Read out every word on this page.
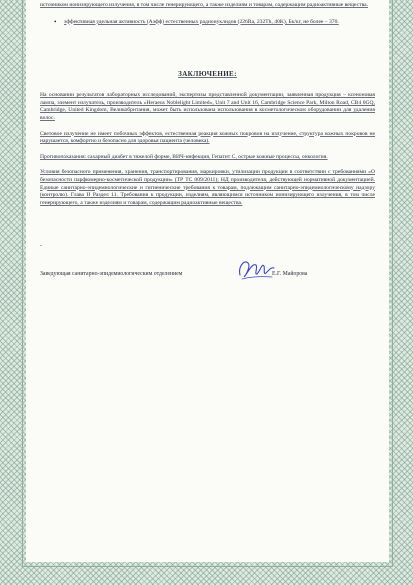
источником ионизирующего излучения, в том числе генерирующего, а также изделиям и товарам, содержащим радиоактивные вещества.

•	эффективная удельная активность (Аэфф) естественных радионуклидов (226Ra, 232Th, 40K), Бк/кг, не более – 370.
ЗАКЛЮЧЕНИЕ:

На основании результатов лабораторных исследований, экспертизы представленной документации, заявленная продукция – ксеноновая лампа, элемент излучатель, производитель «Heraeus Noblelight Limited», Unit 7 and Unit 16, Cambridge Science Park, Milton Road, CB4 0GQ, Cambridge, United Kingdom, Великобритания, может быть использована использования в косметологическом оборудовании для удаления волос.

Световое излучение не имеет побочных эффектов, естественная реакция кожных покровов на излучение, структура кожных покровов не нарушается, комфортно и безопасно для здоровья пациента (человека).

Противопоказания: сахарный диабет в тяжелой форме, ВИЧ-инфекция, Гепатит С, острые кожные процессы, онкология.

Условия безопасного применения, хранения, транспортирования, маркировки, утилизации продукции в соответствии с требованиями «О безопасности парфюмерно-косметической продукции» (ТР ТС 009/2011); НД производителя, действующей нормативной документацией. Единые санитарно-эпидемиологические и гигиенические требования к товарам, подлежащим санитарно-эпидемиологическому надзору (контролю). Глава II Раздел 11. Требования к продукции, изделиям, являющимся источником ионизирующего излучения, в том числе генерирующего, а также изделиям и товарам, содержащим радиоактивные вещества.

-
Заведующая санитарно-эпидемиологическим отделением	Е.Г. Майорова
